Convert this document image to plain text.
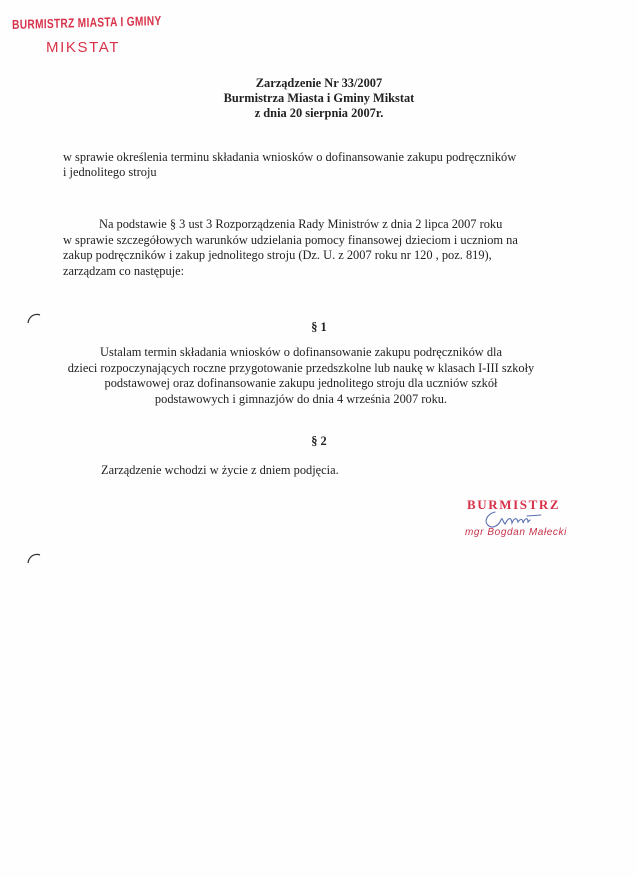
BURMISTRZ MIASTA I GMINY
MIKSTAT
Zarządzenie Nr 33/2007
Burmistrza Miasta i Gminy Mikstat
z dnia 20 sierpnia 2007r.
w sprawie określenia terminu składania wniosków o dofinansowanie zakupu podręczników
i jednolitego stroju
Na podstawie § 3 ust 3 Rozporządzenia Rady Ministrów z dnia 2 lipca 2007 roku
w sprawie szczegółowych warunków udzielania pomocy finansowej dzieciom i uczniom na
zakup podręczników i zakup jednolitego stroju (Dz. U. z 2007 roku nr 120 , poz. 819),
zarządzam co następuje:
§ 1
Ustalam termin składania wniosków o dofinansowanie zakupu podręczników dla
dzieci rozpoczynających roczne przygotowanie przedszkolne lub naukę w klasach I-III szkoły
podstawowej oraz dofinansowanie zakupu jednolitego stroju dla uczniów szkół
podstawowych i gimnazjów do dnia 4 września 2007 roku.
§ 2
Zarządzenie wchodzi w życie z dniem podjęcia.
BURMISTRZ
mgr Bogdan Małecki
